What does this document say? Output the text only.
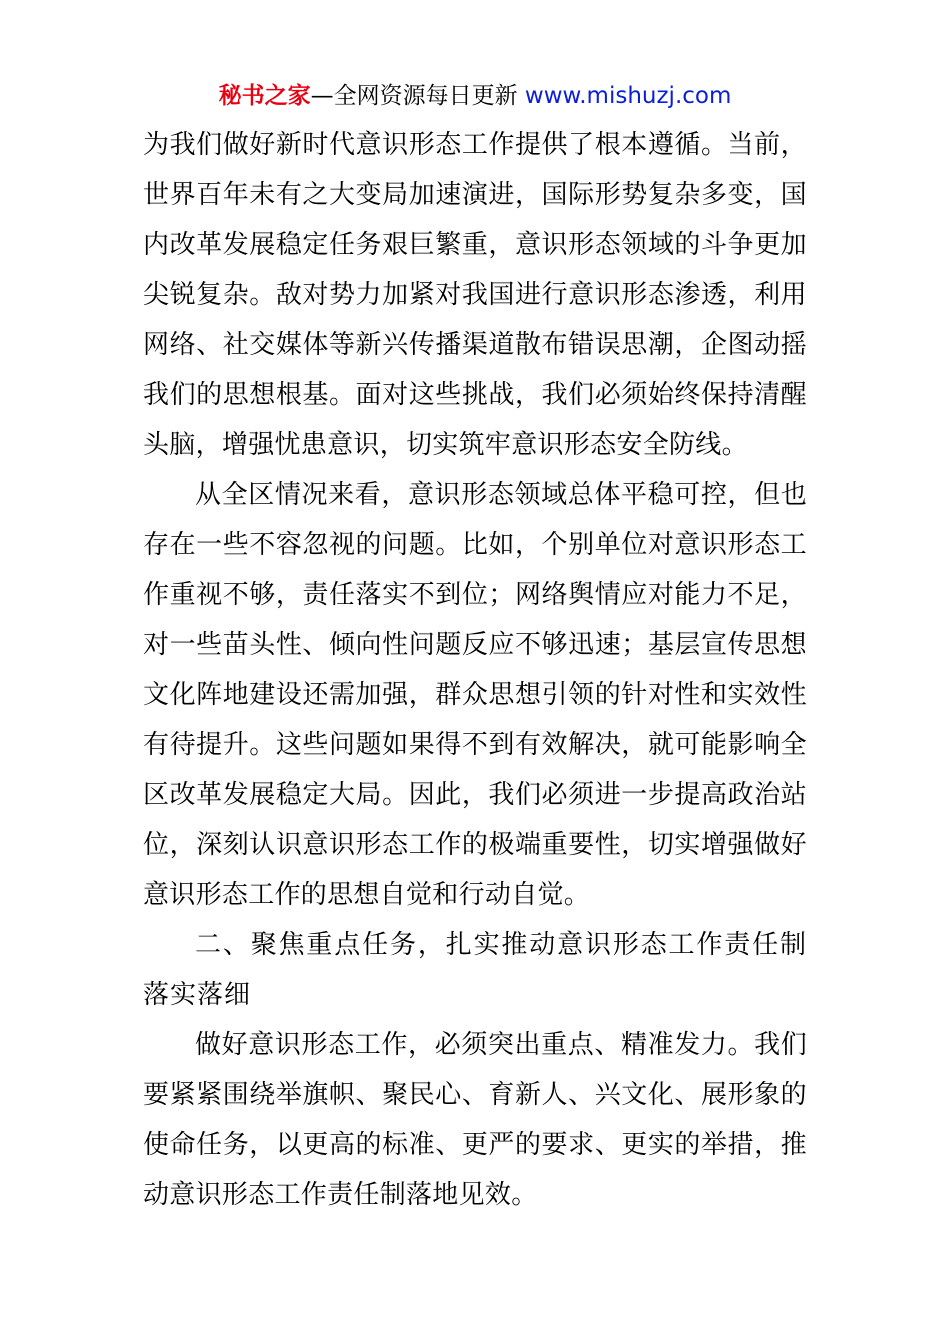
秘书之家—全网资源每日更新 www.mishuzj.com

为我们做好新时代意识形态工作提供了根本遵循。当前，世界百年未有之大变局加速演进，国际形势复杂多变，国内改革发展稳定任务艰巨繁重，意识形态领域的斗争更加尖锐复杂。敌对势力加紧对我国进行意识形态渗透，利用网络、社交媒体等新兴传播渠道散布错误思潮，企图动摇我们的思想根基。面对这些挑战，我们必须始终保持清醒头脑，增强忧患意识，切实筑牢意识形态安全防线。

从全区情况来看，意识形态领域总体平稳可控，但也存在一些不容忽视的问题。比如，个别单位对意识形态工作重视不够，责任落实不到位；网络舆情应对能力不足，对一些苗头性、倾向性问题反应不够迅速；基层宣传思想文化阵地建设还需加强，群众思想引领的针对性和实效性有待提升。这些问题如果得不到有效解决，就可能影响全区改革发展稳定大局。因此，我们必须进一步提高政治站位，深刻认识意识形态工作的极端重要性，切实增强做好意识形态工作的思想自觉和行动自觉。

二、聚焦重点任务，扎实推动意识形态工作责任制落实落细

做好意识形态工作，必须突出重点、精准发力。我们要紧紧围绕举旗帜、聚民心、育新人、兴文化、展形象的使命任务，以更高的标准、更严的要求、更实的举措，推动意识形态工作责任制落地见效。
